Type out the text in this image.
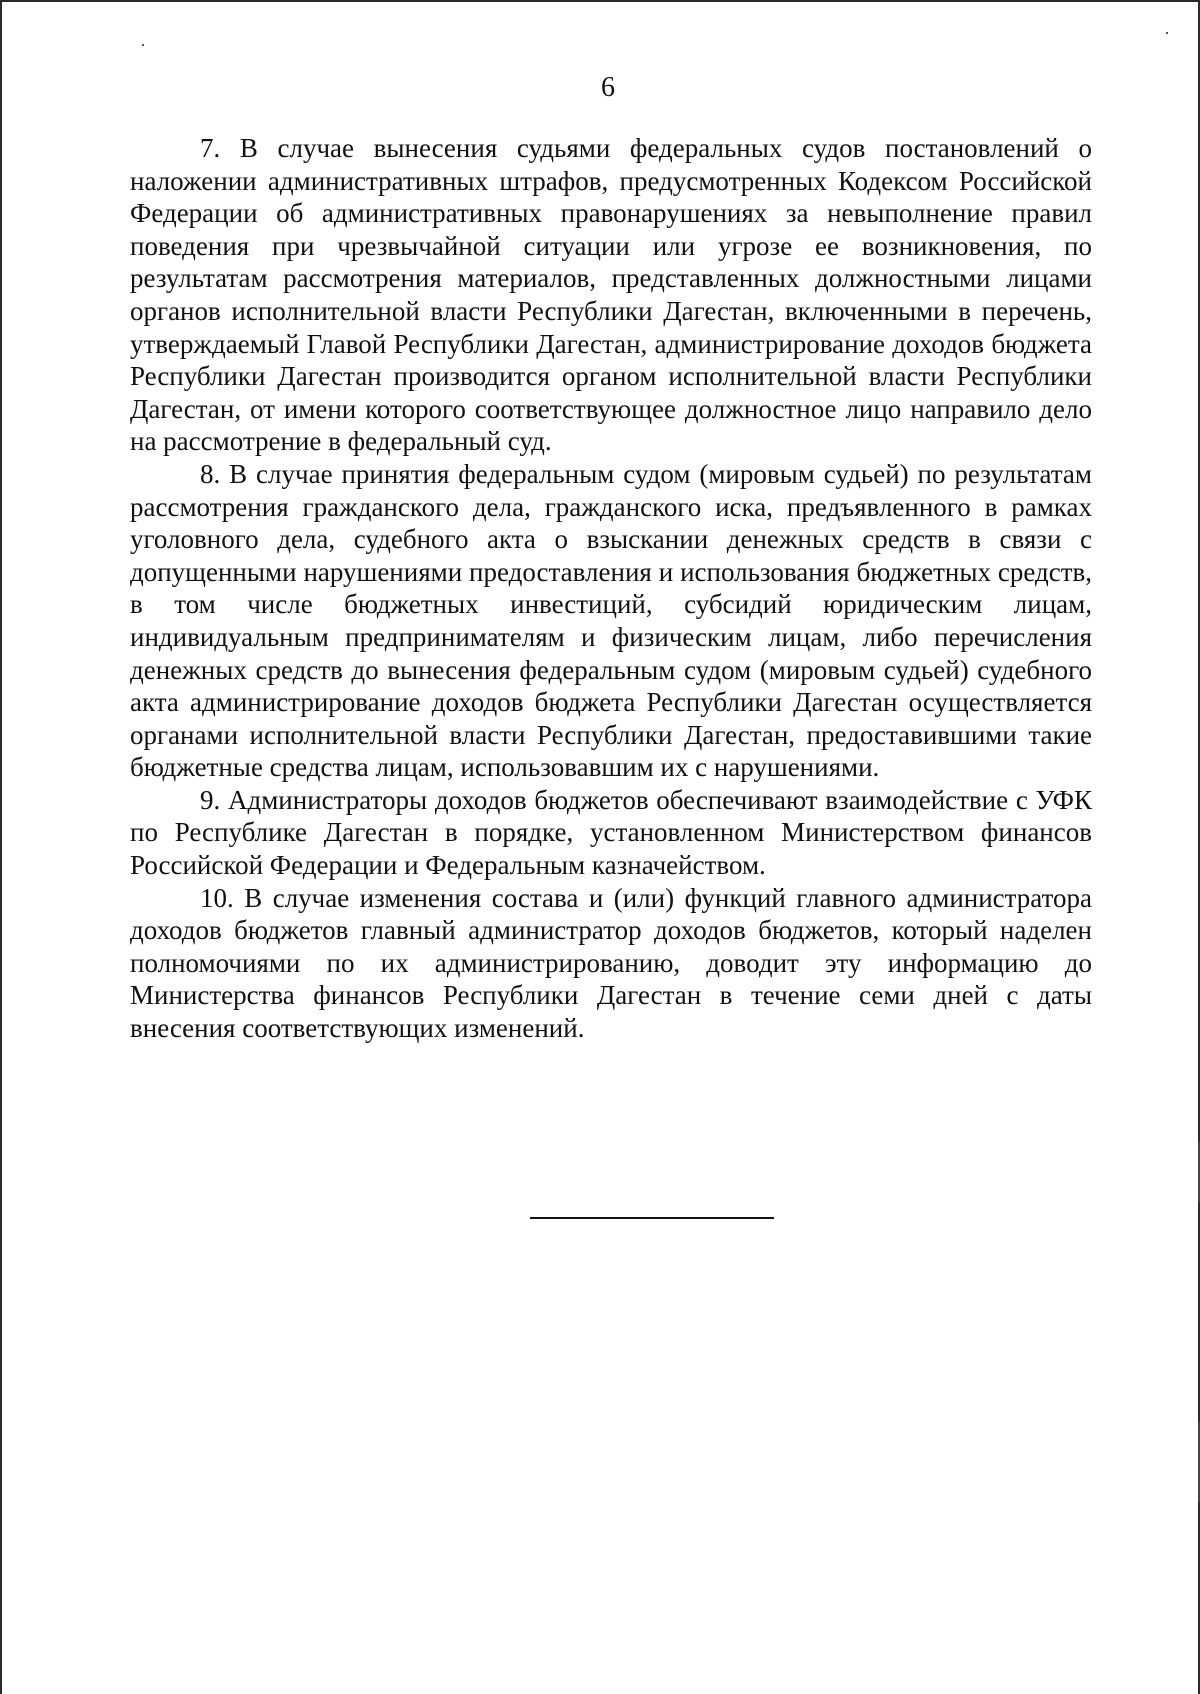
6

7. В случае вынесения судьями федеральных судов постановлений о наложении административных штрафов, предусмотренных Кодексом Российской Федерации об административных правонарушениях за невыполнение правил поведения при чрезвычайной ситуации или угрозе ее возникновения, по результатам рассмотрения материалов, представленных должностными лицами органов исполнительной власти Республики Дагестан, включенными в перечень, утверждаемый Главой Республики Дагестан, администрирование доходов бюджета Республики Дагестан производится органом исполнительной власти Республики Дагестан, от имени которого соответствующее должностное лицо направило дело на рассмотрение в федеральный суд.

8. В случае принятия федеральным судом (мировым судьей) по результатам рассмотрения гражданского дела, гражданского иска, предъявленного в рамках уголовного дела, судебного акта о взыскании денежных средств в связи с допущенными нарушениями предоставления и использования бюджетных средств, в том числе бюджетных инвестиций, субсидий юридическим лицам, индивидуальным предпринимателям и физическим лицам, либо перечисления денежных средств до вынесения федеральным судом (мировым судьей) судебного акта администрирование доходов бюджета Республики Дагестан осуществляется органами исполнительной власти Республики Дагестан, предоставившими такие бюджетные средства лицам, использовавшим их с нарушениями.

9. Администраторы доходов бюджетов обеспечивают взаимодействие с УФК по Республике Дагестан в порядке, установленном Министерством финансов Российской Федерации и Федеральным казначейством.

10. В случае изменения состава и (или) функций главного администратора доходов бюджетов главный администратор доходов бюджетов, который наделен полномочиями по их администрированию, доводит эту информацию до Министерства финансов Республики Дагестан в течение семи дней с даты внесения соответствующих изменений.
